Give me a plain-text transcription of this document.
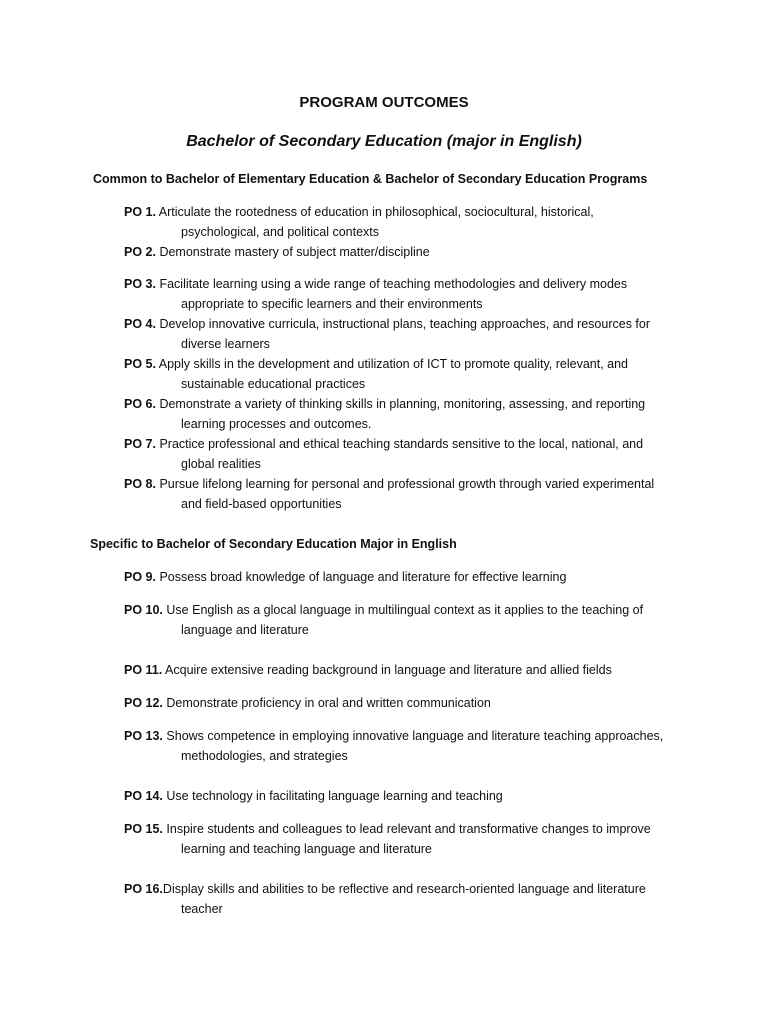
PROGRAM OUTCOMES
Bachelor of Secondary Education (major in English)
Common to Bachelor of Elementary Education & Bachelor of Secondary Education Programs
PO 1. Articulate the rootedness of education in philosophical, sociocultural, historical,
psychological, and political contexts
PO 2. Demonstrate mastery of subject matter/discipline
PO 3. Facilitate learning using a wide range of teaching methodologies and delivery modes
appropriate to specific learners and their environments
PO 4. Develop innovative curricula, instructional plans, teaching approaches, and resources for
diverse learners
PO 5. Apply skills in the development and utilization of ICT to promote quality, relevant, and
sustainable educational practices
PO 6. Demonstrate a variety of thinking skills in planning, monitoring, assessing, and reporting
learning processes and outcomes.
PO 7. Practice professional and ethical teaching standards sensitive to the local, national, and
global realities
PO 8. Pursue lifelong learning for personal and professional growth through varied experimental
and field-based opportunities
Specific to Bachelor of Secondary Education Major in English
PO 9. Possess broad knowledge of language and literature for effective learning
PO 10. Use English as a glocal language in multilingual context as it applies to the teaching of
language and literature
PO 11. Acquire extensive reading background in language and literature and allied fields
PO 12. Demonstrate proficiency in oral and written communication
PO 13. Shows competence in employing innovative language and literature teaching approaches,
methodologies, and strategies
PO 14. Use technology in facilitating language learning and teaching
PO 15. Inspire students and colleagues to lead relevant and transformative changes to improve
learning and teaching language and literature
PO 16.Display skills and abilities to be reflective and research-oriented language and literature
teacher
